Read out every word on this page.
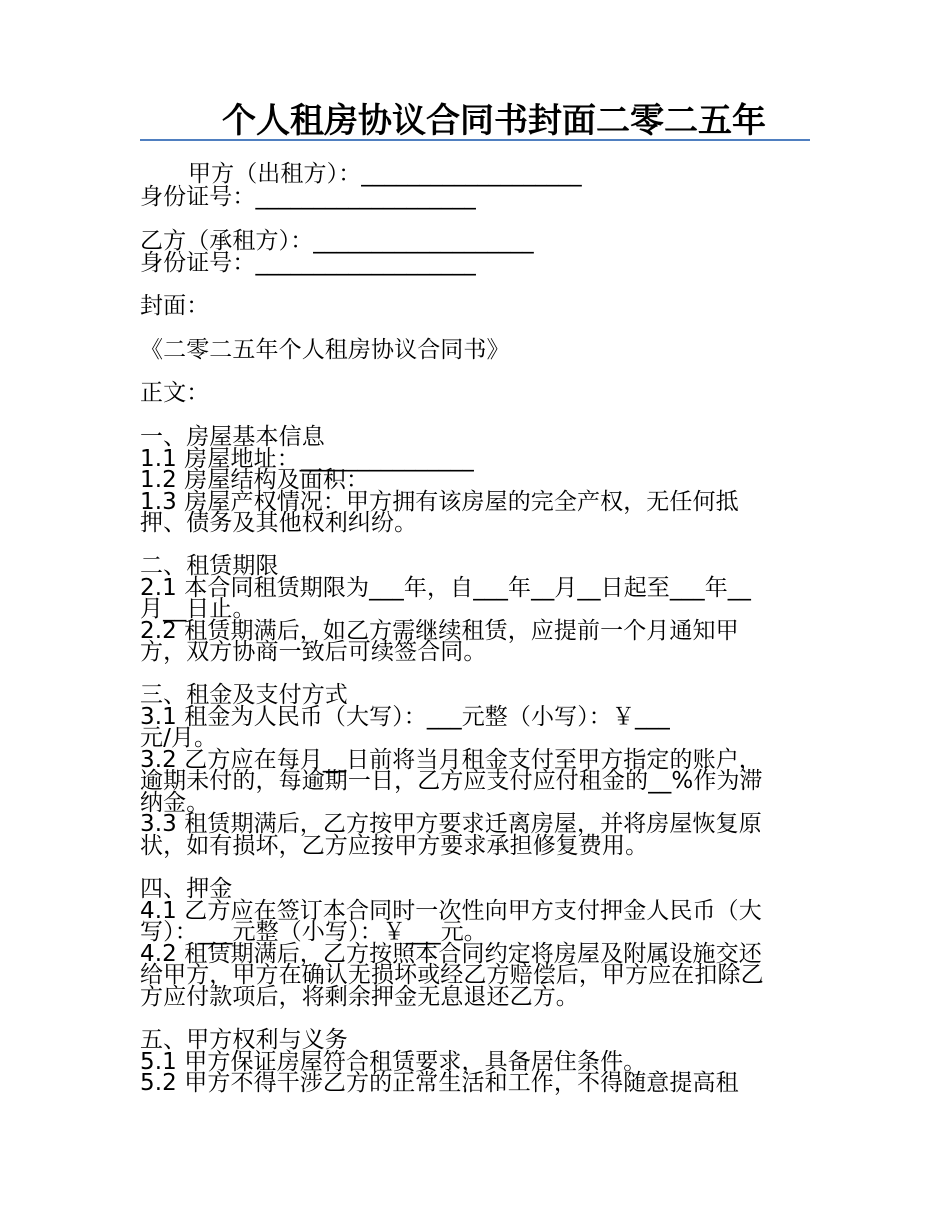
个人租房协议合同书封面二零二五年

甲方（出租方）：___________________

身份证号：___________________

乙方（承租方）：___________________

身份证号：___________________

封面：

《二零二五年个人租房协议合同书》

正文：

一、房屋基本信息

1.1 房屋地址：_______________

1.2 房屋结构及面积：

1.3 房屋产权情况：甲方拥有该房屋的完全产权，无任何抵

押、债务及其他权利纠纷。

二、租赁期限

2.1 本合同租赁期限为___年，自___年__月__日起至___年__

月__日止。

2.2 租赁期满后，如乙方需继续租赁，应提前一个月通知甲

方，双方协商一致后可续签合同。

三、租金及支付方式

3.1 租金为人民币（大写）：___元整（小写）：￥___

元/月。

3.2 乙方应在每月__日前将当月租金支付至甲方指定的账户，

逾期未付的，每逾期一日，乙方应支付应付租金的__%作为滞

纳金。

3.3 租赁期满后，乙方按甲方要求迁离房屋，并将房屋恢复原

状，如有损坏，乙方应按甲方要求承担修复费用。

四、押金

4.1 乙方应在签订本合同时一次性向甲方支付押金人民币（大

写）：___元整（小写）：￥___元。

4.2 租赁期满后，乙方按照本合同约定将房屋及附属设施交还

给甲方，甲方在确认无损坏或经乙方赔偿后，甲方应在扣除乙

方应付款项后，将剩余押金无息退还乙方。

五、甲方权利与义务

5.1 甲方保证房屋符合租赁要求，具备居住条件。

5.2 甲方不得干涉乙方的正常生活和工作，不得随意提高租
